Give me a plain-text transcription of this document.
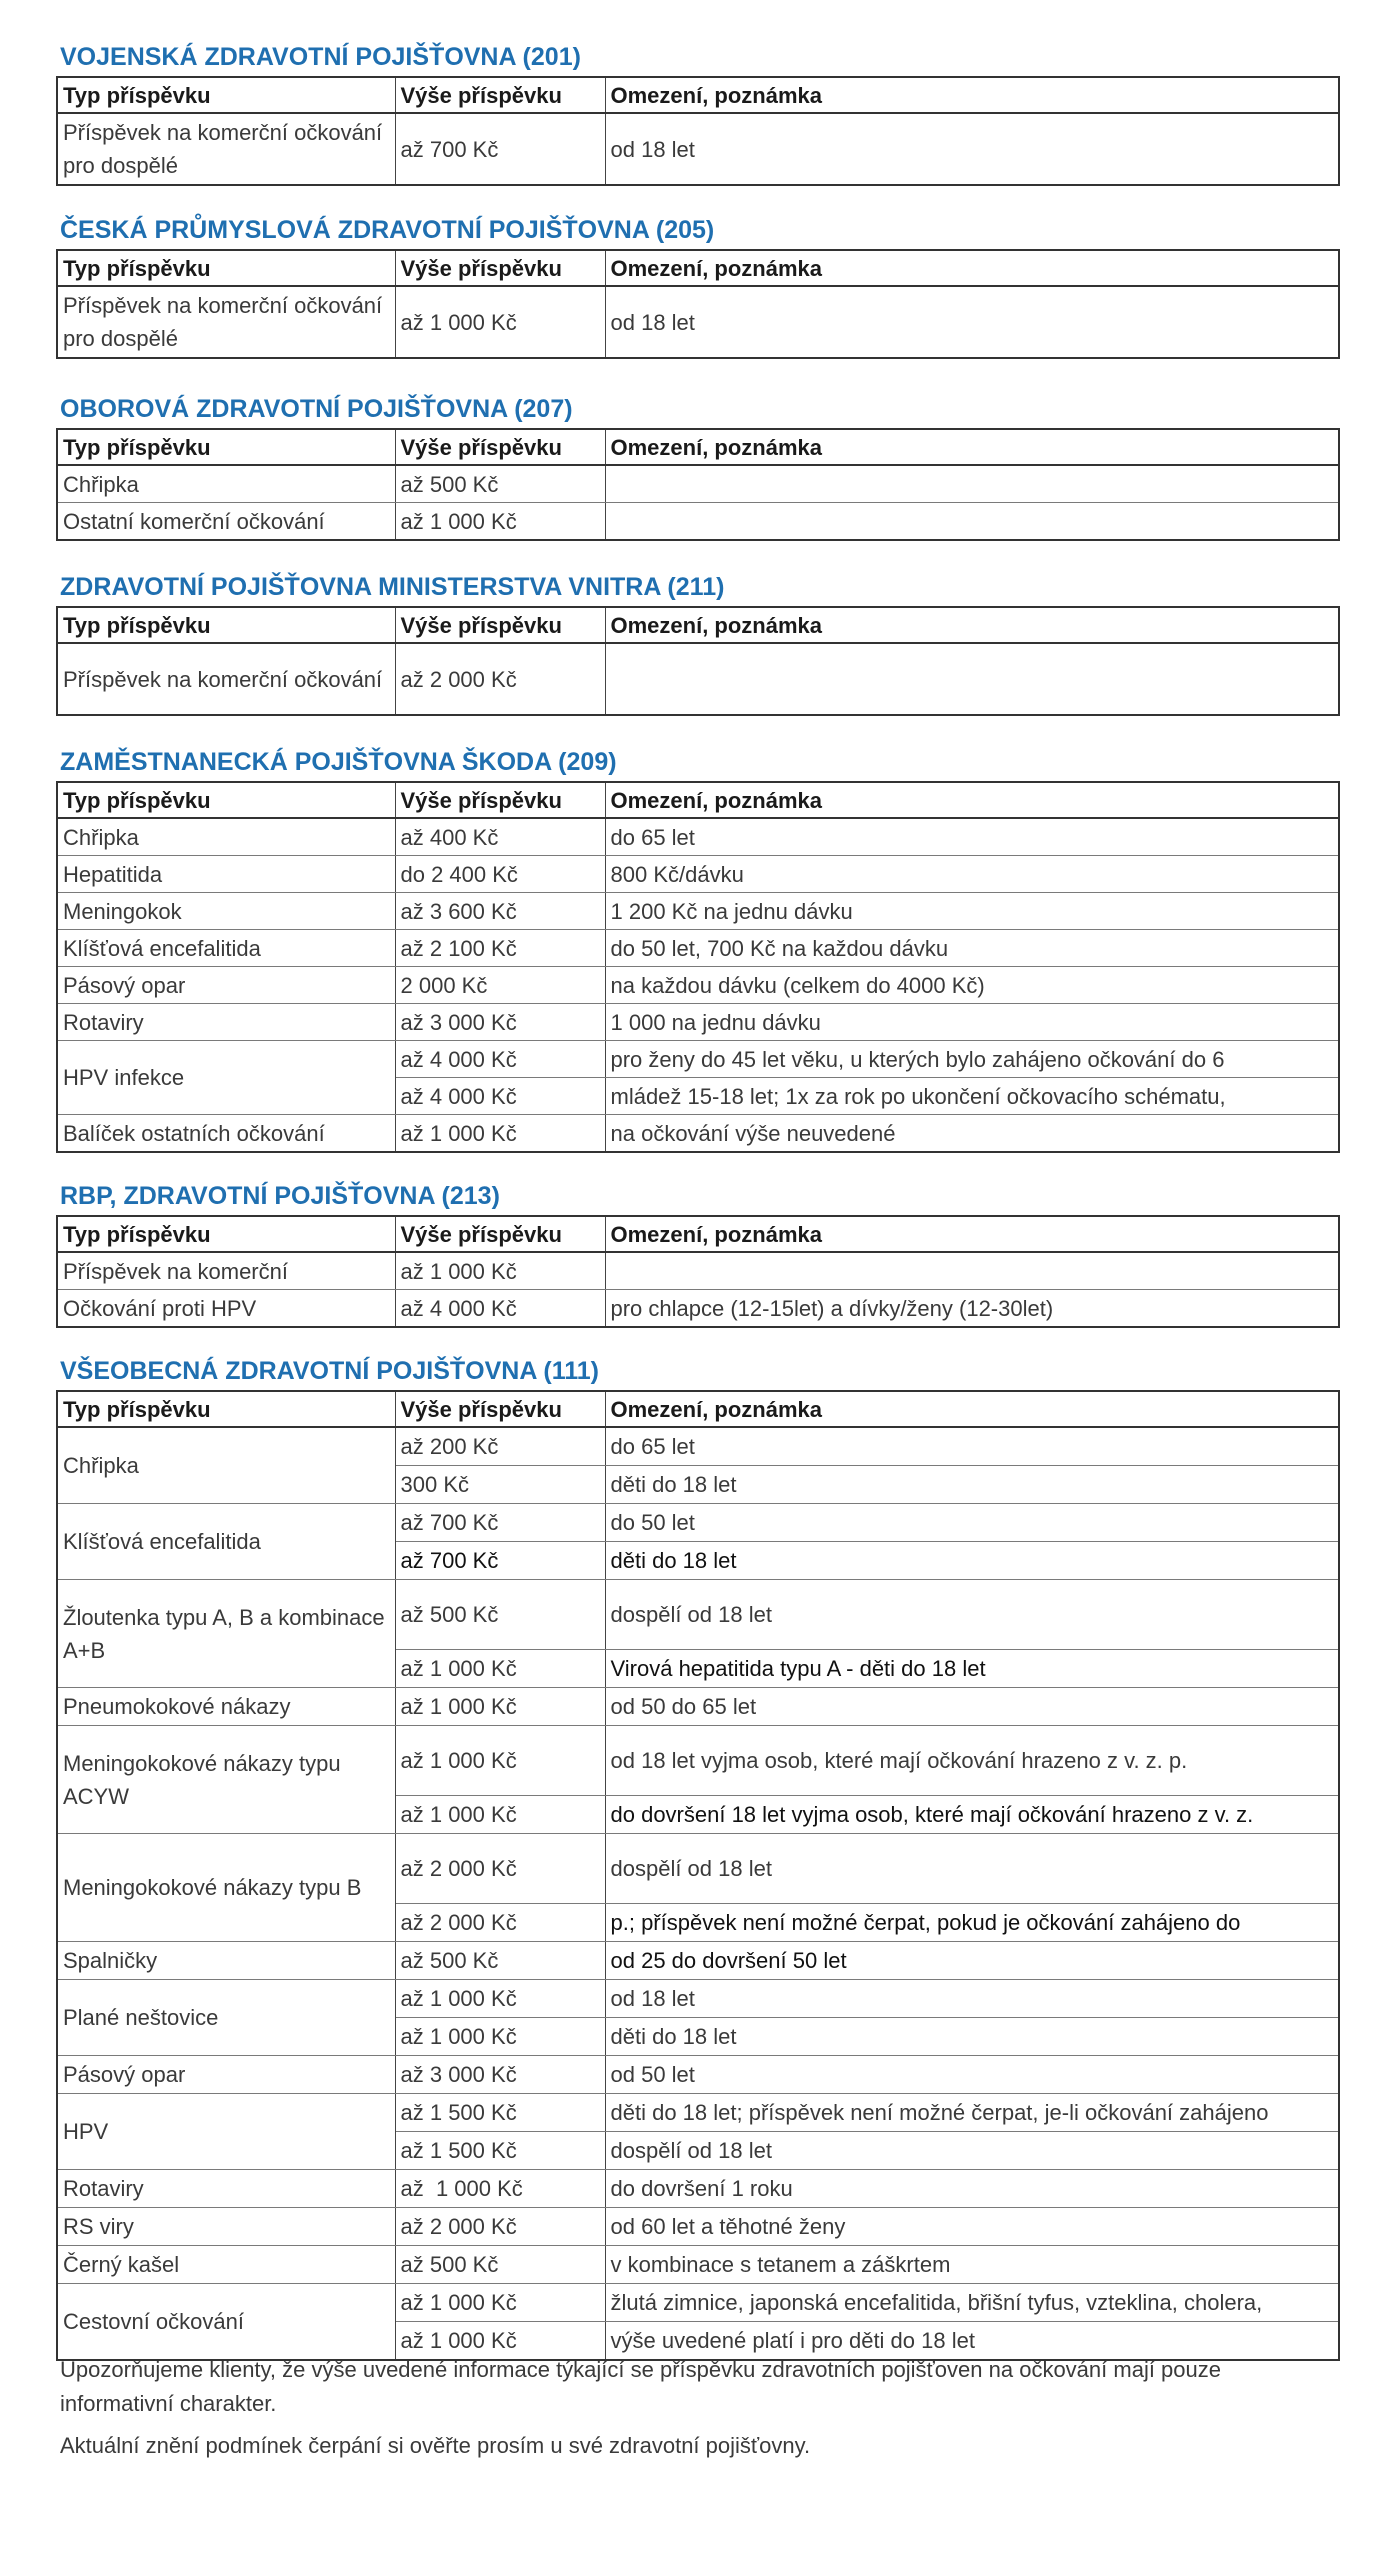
VOJENSKÁ ZDRAVOTNÍ POJIŠŤOVNA (201)
Typ příspěvku	Výše příspěvku	Omezení, poznámka
Příspěvek na komerční očkování pro dospělé	až 700 Kč	od 18 let
ČESKÁ PRŮMYSLOVÁ ZDRAVOTNÍ POJIŠŤOVNA (205)
Typ příspěvku	Výše příspěvku	Omezení, poznámka
Příspěvek na komerční očkování pro dospělé	až 1 000 Kč	od 18 let
OBOROVÁ ZDRAVOTNÍ POJIŠŤOVNA (207)
Typ příspěvku	Výše příspěvku	Omezení, poznámka
Chřipka	až 500 Kč	
Ostatní komerční očkování	až 1 000 Kč	
ZDRAVOTNÍ POJIŠŤOVNA MINISTERSTVA VNITRA (211)
Typ příspěvku	Výše příspěvku	Omezení, poznámka
Příspěvek na komerční očkování	až 2 000 Kč	
ZAMĚSTNANECKÁ POJIŠŤOVNA ŠKODA (209)
Typ příspěvku	Výše příspěvku	Omezení, poznámka
Chřipka	až 400 Kč	do 65 let
Hepatitida	do 2 400 Kč	800 Kč/dávku
Meningokok	až 3 600 Kč	1 200 Kč na jednu dávku
Klíšťová encefalitida	až 2 100 Kč	do 50 let, 700 Kč na každou dávku
Pásový opar	2 000 Kč	na každou dávku (celkem do 4000 Kč)
Rotaviry	až 3 000 Kč	1 000 na jednu dávku
HPV infekce	až 4 000 Kč	pro ženy do 45 let věku, u kterých bylo zahájeno očkování do 6
	až 4 000 Kč	mládež 15-18 let; 1x za rok po ukončení očkovacího schématu,
Balíček ostatních očkování	až 1 000 Kč	na očkování výše neuvedené
RBP, ZDRAVOTNÍ POJIŠŤOVNA (213)
Typ příspěvku	Výše příspěvku	Omezení, poznámka
Příspěvek na komerční	až 1 000 Kč	
Očkování proti HPV	až 4 000 Kč	pro chlapce (12-15let) a dívky/ženy (12-30let)
VŠEOBECNÁ ZDRAVOTNÍ POJIŠŤOVNA (111)
Typ příspěvku	Výše příspěvku	Omezení, poznámka
Chřipka	až 200 Kč	do 65 let
	300 Kč	děti do 18 let
Klíšťová encefalitida	až 700 Kč	do 50 let
	až 700 Kč	děti do 18 let
Žloutenka typu A, B a kombinace A+B	až 500 Kč	dospělí od 18 let
	až 1 000 Kč	Virová hepatitida typu A - děti do 18 let
Pneumokokové nákazy	až 1 000 Kč	od 50 do 65 let
Meningokokové nákazy typu ACYW	až 1 000 Kč	od 18 let vyjma osob, které mají očkování hrazeno z v. z. p.
	až 1 000 Kč	do dovršení 18 let vyjma osob, které mají očkování hrazeno z v. z.
Meningokokové nákazy typu B	až 2 000 Kč	dospělí od 18 let
	až 2 000 Kč	p.; příspěvek není možné čerpat, pokud je očkování zahájeno do
Spalničky	až 500 Kč	od 25 do dovršení 50 let
Plané neštovice	až 1 000 Kč	od 18 let
	až 1 000 Kč	děti do 18 let
Pásový opar	až 3 000 Kč	od 50 let
HPV	až 1 500 Kč	děti do 18 let; příspěvek není možné čerpat, je-li očkování zahájeno
	až 1 500 Kč	dospělí od 18 let
Rotaviry	až  1 000 Kč	do dovršení 1 roku
RS viry	až 2 000 Kč	od 60 let a těhotné ženy
Černý kašel	až 500 Kč	v kombinace s tetanem a záškrtem
Cestovní očkování	až 1 000 Kč	žlutá zimnice, japonská encefalitida, břišní tyfus, vzteklina, cholera,
	až 1 000 Kč	výše uvedené platí i pro děti do 18 let

Upozorňujeme klienty, že výše uvedené informace týkající se příspěvku zdravotních pojišťoven na očkování mají pouze informativní charakter.

Aktuální znění podmínek čerpání si ověřte prosím u své zdravotní pojišťovny.
